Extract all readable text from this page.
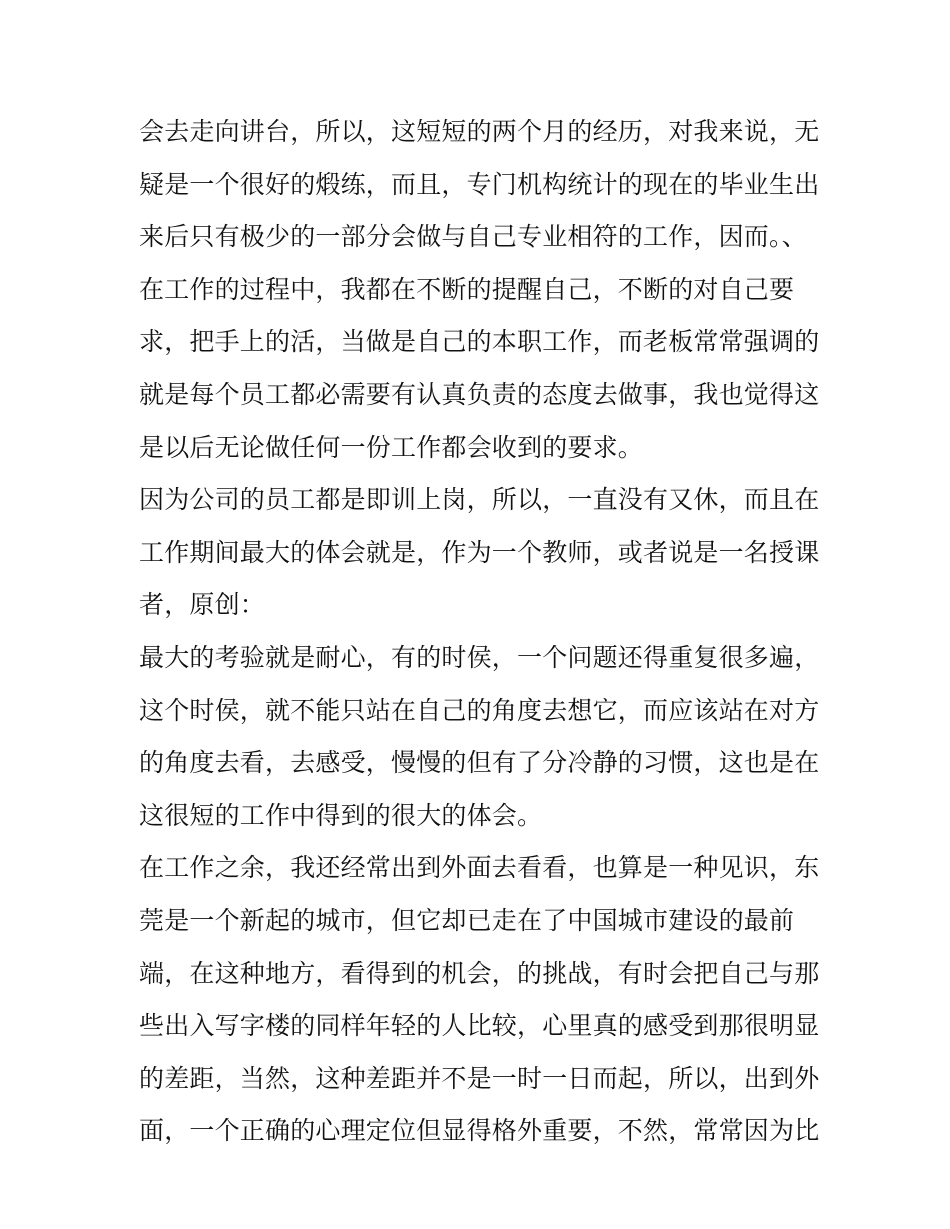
会去走向讲台，所以，这短短的两个月的经历，对我来说，无
疑是一个很好的煅练，而且，专门机构统计的现在的毕业生出
来后只有极少的一部分会做与自己专业相符的工作，因而。、
在工作的过程中，我都在不断的提醒自己，不断的对自己要
求，把手上的活，当做是自己的本职工作，而老板常常强调的
就是每个员工都必需要有认真负责的态度去做事，我也觉得这
是以后无论做任何一份工作都会收到的要求。
因为公司的员工都是即训上岗，所以，一直没有又休，而且在
工作期间最大的体会就是，作为一个教师，或者说是一名授课
者，原创：
最大的考验就是耐心，有的时侯，一个问题还得重复很多遍，
这个时侯，就不能只站在自己的角度去想它，而应该站在对方
的角度去看，去感受，慢慢的但有了分冷静的习惯，这也是在
这很短的工作中得到的很大的体会。
在工作之余，我还经常出到外面去看看，也算是一种见识，东
莞是一个新起的城市，但它却已走在了中国城市建设的最前
端，在这种地方，看得到的机会，的挑战，有时会把自己与那
些出入写字楼的同样年轻的人比较，心里真的感受到那很明显
的差距，当然，这种差距并不是一时一日而起，所以，出到外
面，一个正确的心理定位但显得格外重要，不然，常常因为比
